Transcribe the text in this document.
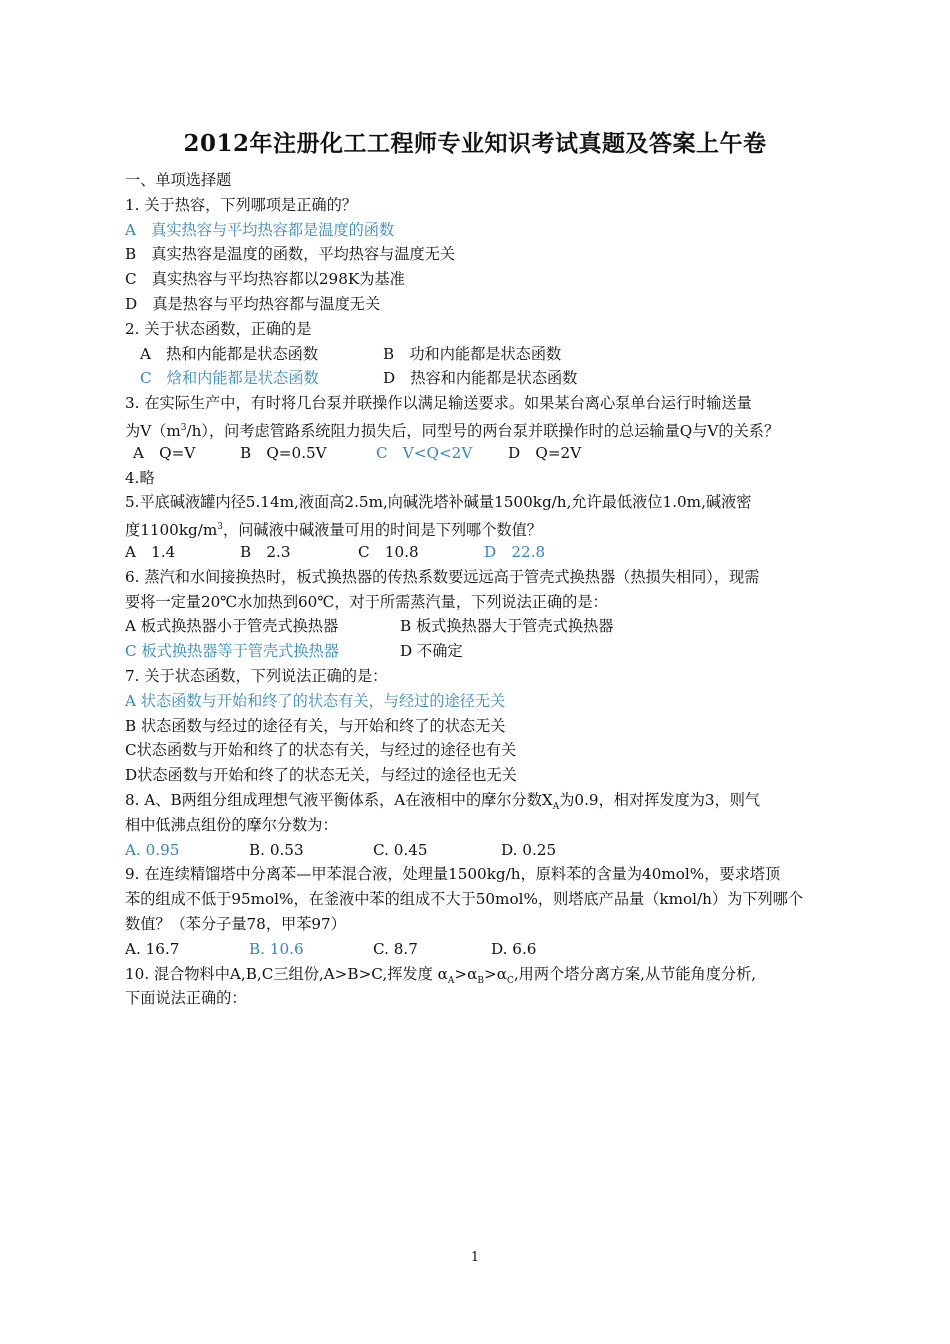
2012年注册化工工程师专业知识考试真题及答案上午卷
一、单项选择题
1. 关于热容，下列哪项是正确的？
A　真实热容与平均热容都是温度的函数
B　真实热容是温度的函数，平均热容与温度无关
C　真实热容与平均热容都以298K为基准
D　真是热容与平均热容都与温度无关
2. 关于状态函数，正确的是
A　热和内能都是状态函数	B　功和内能都是状态函数
C　焓和内能都是状态函数	D　热容和内能都是状态函数
3. 在实际生产中，有时将几台泵并联操作以满足输送要求。如果某台离心泵单台运行时输送量
为$V(m^3/h)$，问考虑管路系统阻力损失后，同型号的两台泵并联操作时的总运输量Q与V的关系？
A　Q=V	B　Q=0.5V	C　V<Q<2V D　Q=2V
4.略
5.平底碱液罐内径5.14m,液面高2.5m,向碱洗塔补碱量1500kg/h,允许最低液位1.0m,碱液密
度$1100kg/m^3$，问碱液中碱液量可用的时间是下列哪个数值？
A　1.4	B　2.3	C　10.8	D　22.8
6. 蒸汽和水间接换热时，板式换热器的传热系数要远远高于管壳式换热器（热损失相同），现需
要将一定量20℃水加热到60℃，对于所需蒸汽量，下列说法正确的是：
A 板式换热器小于管壳式换热器	B 板式换热器大于管壳式换热器
C 板式换热器等于管壳式换热器	D 不确定
7. 关于状态函数，下列说法正确的是：
A 状态函数与开始和终了的状态有关，与经过的途径无关
B 状态函数与经过的途径有关，与开始和终了的状态无关
C状态函数与开始和终了的状态有关，与经过的途径也有关
D状态函数与开始和终了的状态无关，与经过的途径也无关
8. A、B两组分组成理想气液平衡体系，A在液相中的摩尔分数$X_A$为0.9，相对挥发度为3，则气
相中低沸点组份的摩尔分数为：
A. 0.95	B. 0.53	C. 0.45	D. 0.25
9. 在连续精馏塔中分离苯—甲苯混合液，处理量1500kg/h，原料苯的含量为40mol%，要求塔顶
苯的组成不低于95mol%，在釜液中苯的组成不大于50mol%，则塔底产品量（kmol/h）为下列哪个
数值？（苯分子量78，甲苯97）
A. 16.7	B. 10.6	C. 8.7	D. 6.6
10. 混合物料中A,B,C三组份,A>B>C,挥发度 $\alpha_A>\alpha_B>\alpha_C$,用两个塔分离方案,从节能角度分析,
下面说法正确的：
1
